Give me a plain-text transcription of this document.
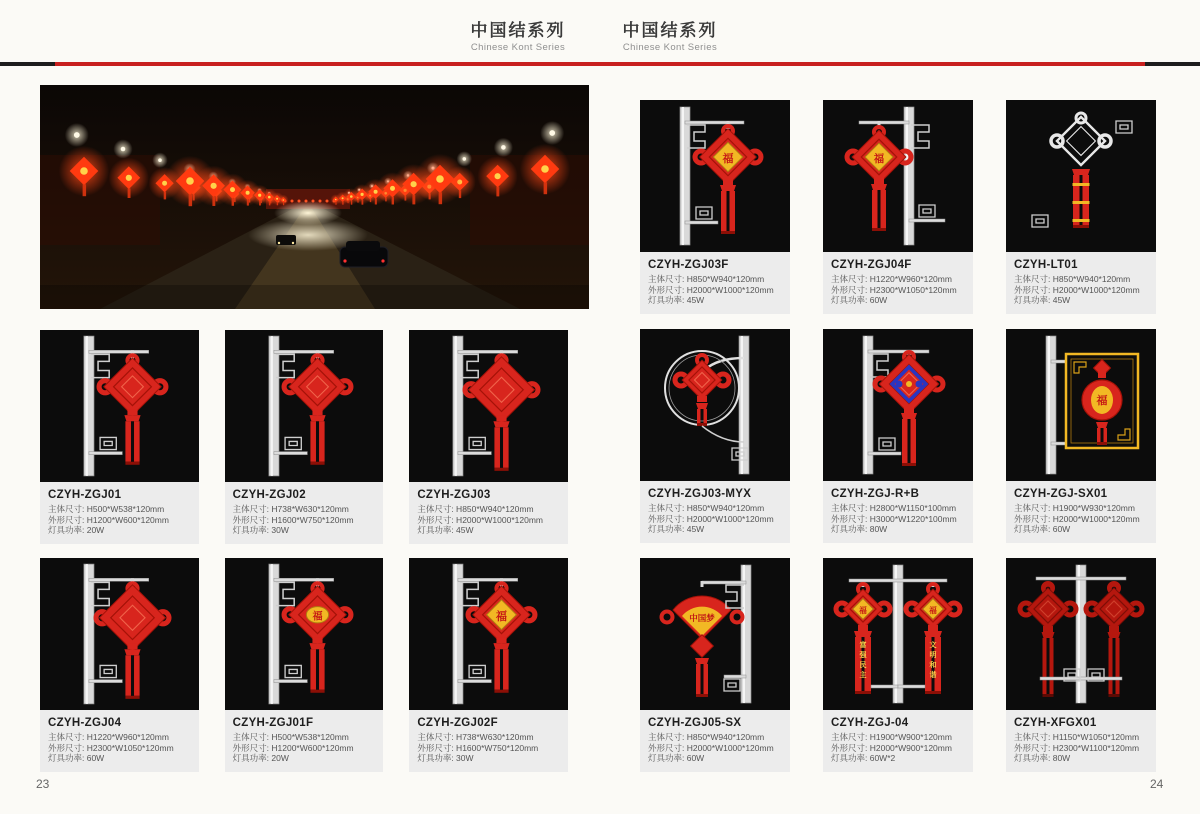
中国结系列
Chinese Kont Series
中国结系列
Chinese Kont Series
CZYH-ZGJ01
主体尺寸: H500*W538*120mm
外形尺寸: H1200*W600*120mm
灯具功率: 20W
CZYH-ZGJ02
主体尺寸: H738*W630*120mm
外形尺寸: H1600*W750*120mm
灯具功率: 30W
CZYH-ZGJ03
主体尺寸: H850*W940*120mm
外形尺寸: H2000*W1000*120mm
灯具功率: 45W
CZYH-ZGJ04
主体尺寸: H1220*W960*120mm
外形尺寸: H2300*W1050*120mm
灯具功率: 60W
福
CZYH-ZGJ01F
主体尺寸: H500*W538*120mm
外形尺寸: H1200*W600*120mm
灯具功率: 20W
福
CZYH-ZGJ02F
主体尺寸: H738*W630*120mm
外形尺寸: H1600*W750*120mm
灯具功率: 30W
福
CZYH-ZGJ03F
主体尺寸: H850*W940*120mm
外形尺寸: H2000*W1000*120mm
灯具功率: 45W
福
CZYH-ZGJ04F
主体尺寸: H1220*W960*120mm
外形尺寸: H2300*W1050*120mm
灯具功率: 60W
CZYH-LT01
主体尺寸: H850*W940*120mm
外形尺寸: H2000*W1000*120mm
灯具功率: 45W
CZYH-ZGJ03-MYX
主体尺寸: H850*W940*120mm
外形尺寸: H2000*W1000*120mm
灯具功率: 45W
CZYH-ZGJ-R+B
主体尺寸: H2800*W1150*100mm
外形尺寸: H3000*W1220*100mm
灯具功率: 80W
福
CZYH-ZGJ-SX01
主体尺寸: H1900*W930*120mm
外形尺寸: H2000*W1000*120mm
灯具功率: 60W
中国梦
CZYH-ZGJ05-SX
主体尺寸: H850*W940*120mm
外形尺寸: H2000*W1000*120mm
灯具功率: 60W
福	福
富
强
民
主
文
明
和
谐
CZYH-ZGJ-04
主体尺寸: H1900*W900*120mm
外形尺寸: H2000*W900*120mm
灯具功率: 60W*2
CZYH-XFGX01
主体尺寸: H1150*W1050*120mm
外形尺寸: H2300*W1100*120mm
灯具功率: 80W
23	24
